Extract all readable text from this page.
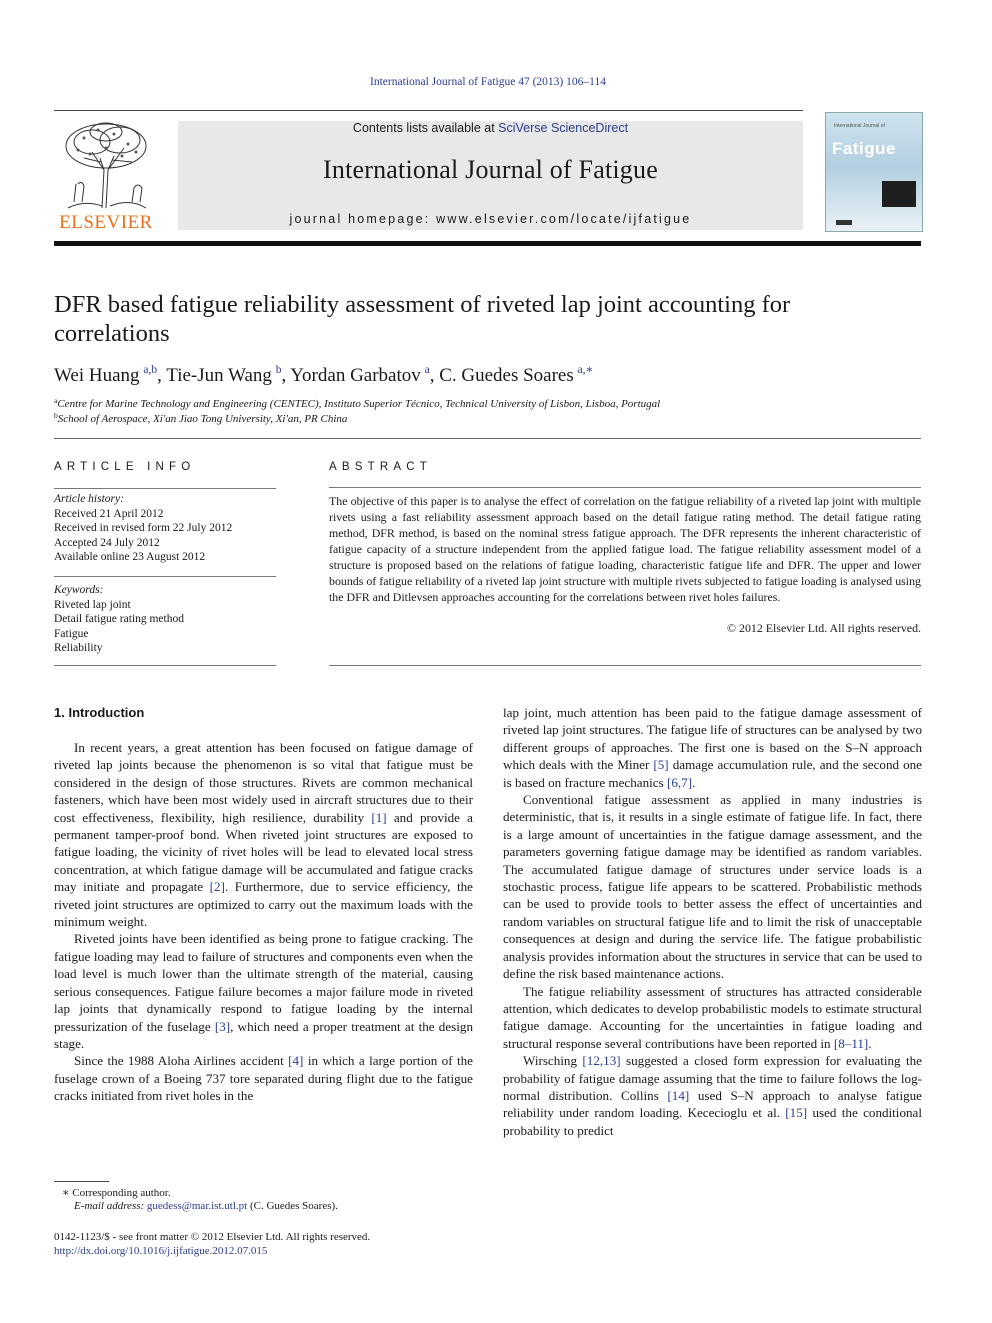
International Journal of Fatigue 47 (2013) 106–114
ELSEVIER
Contents lists available at SciVerse ScienceDirect
International Journal of Fatigue
journal homepage: www.elsevier.com/locate/ijfatigue
International Journal of
Fatigue
DFR based fatigue reliability assessment of riveted lap joint accounting for correlations
Wei Huang  $^{a,b}$, Tie-Jun Wang  $^b$, Yordan Garbatov  $^a$, C. Guedes Soares  $^{a,∗}$
$^a$Centre for Marine Technology and Engineering (CENTEC), Instituto Superior Técnico, Technical University of Lisbon, Lisboa, Portugal
$^b$School of Aerospace, Xi'an Jiao Tong University, Xi'an, PR China
ARTICLE INFO
Article history:
Received 21 April 2012
Received in revised form 22 July 2012
Accepted 24 July 2012
Available online 23 August 2012
Keywords:
Riveted lap joint
Detail fatigue rating method
Fatigue
Reliability
ABSTRACT
The objective of this paper is to analyse the effect of correlation on the fatigue reliability of a riveted lap joint with multiple rivets using a fast reliability assessment approach based on the detail fatigue rating method. The detail fatigue rating method, DFR method, is based on the nominal stress fatigue approach. The DFR represents the inherent characteristic of fatigue capacity of a structure independent from the applied fatigue load. The fatigue reliability assessment model of a structure is proposed based on the relations of fatigue loading, characteristic fatigue life and DFR. The upper and lower bounds of fatigue reliability of a riveted lap joint structure with multiple rivets subjected to fatigue loading is analysed using the DFR and Ditlevsen approaches accounting for the correlations between rivet holes failures.
© 2012 Elsevier Ltd. All rights reserved.
1. Introduction

In recent years, a great attention has been focused on fatigue damage of riveted lap joints because the phenomenon is so vital that fatigue must be considered in the design of those structures. Rivets are common mechanical fasteners, which have been most widely used in aircraft structures due to their cost effectiveness, flexibility, high resilience, durability [1] and provide a permanent tamper-proof bond. When riveted joint structures are exposed to fatigue loading, the vicinity of rivet holes will be lead to elevated local stress concentration, at which fatigue damage will be accumulated and fatigue cracks may initiate and propagate [2]. Furthermore, due to service efficiency, the riveted joint structures are optimized to carry out the maximum loads with the minimum weight.

Riveted joints have been identified as being prone to fatigue cracking. The fatigue loading may lead to failure of structures and components even when the load level is much lower than the ultimate strength of the material, causing serious consequences. Fatigue failure becomes a major failure mode in riveted lap joints that dynamically respond to fatigue loading by the internal pressurization of the fuselage [3], which need a proper treatment at the design stage.

Since the 1988 Aloha Airlines accident [4] in which a large portion of the fuselage crown of a Boeing 737 tore separated during flight due to the fatigue cracks initiated from rivet holes in the

lap joint, much attention has been paid to the fatigue damage assessment of riveted lap joint structures. The fatigue life of structures can be analysed by two different groups of approaches. The first one is based on the S–N approach which deals with the Miner [5] damage accumulation rule, and the second one is based on fracture mechanics [6,7].

Conventional fatigue assessment as applied in many industries is deterministic, that is, it results in a single estimate of fatigue life. In fact, there is a large amount of uncertainties in the fatigue damage assessment, and the parameters governing fatigue damage may be identified as random variables. The accumulated fatigue damage of structures under service loads is a stochastic process, fatigue life appears to be scattered. Probabilistic methods can be used to provide tools to better assess the effect of uncertainties and random variables on structural fatigue life and to limit the risk of unacceptable consequences at design and during the service life. The fatigue probabilistic analysis provides information about the structures in service that can be used to define the risk based maintenance actions.

The fatigue reliability assessment of structures has attracted considerable attention, which dedicates to develop probabilistic models to estimate structural fatigue damage. Accounting for the uncertainties in fatigue loading and structural response several contributions have been reported in [8–11].

Wirsching [12,13] suggested a closed form expression for evaluating the probability of fatigue damage assuming that the time to failure follows the log-normal distribution. Collins [14] used S–N approach to analyse fatigue reliability under random loading. Kececioglu et al. [15] used the conditional probability to predict

∗ Corresponding author.
E-mail address: guedess@mar.ist.utl.pt (C. Guedes Soares).
0142-1123/$ - see front matter © 2012 Elsevier Ltd. All rights reserved.
http://dx.doi.org/10.1016/j.ijfatigue.2012.07.015
